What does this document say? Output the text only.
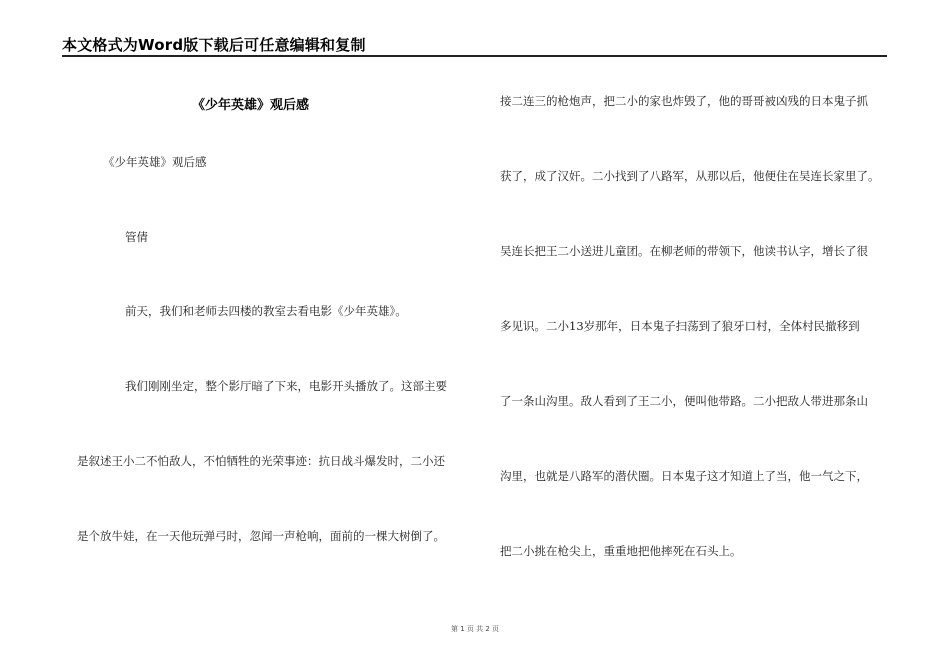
本文格式为Word版下载后可任意编辑和复制
《少年英雄》观后感
《少年英雄》观后感
管倩
前天，我们和老师去四楼的教室去看电影《少年英雄》。
我们刚刚坐定，整个影厅暗了下来，电影开头播放了。这部主要
是叙述王小二不怕敌人，不怕牺牲的光荣事迹：抗日战斗爆发时，二小还
是个放牛娃，在一天他玩弹弓时，忽闻一声枪响，面前的一棵大树倒了。
接二连三的枪炮声，把二小的家也炸毁了，他的哥哥被凶残的日本鬼子抓
获了，成了汉奸。二小找到了八路军，从那以后，他便住在吴连长家里了。
吴连长把王二小送进儿童团。在柳老师的带领下，他读书认字，增长了很
多见识。二小13岁那年，日本鬼子扫荡到了狼牙口村，全体村民撤移到
了一条山沟里。敌人看到了王二小，便叫他带路。二小把敌人带进那条山
沟里，也就是八路军的潜伏圈。日本鬼子这才知道上了当，他一气之下，
把二小挑在枪尖上，重重地把他摔死在石头上。
第 1 页 共 2 页
